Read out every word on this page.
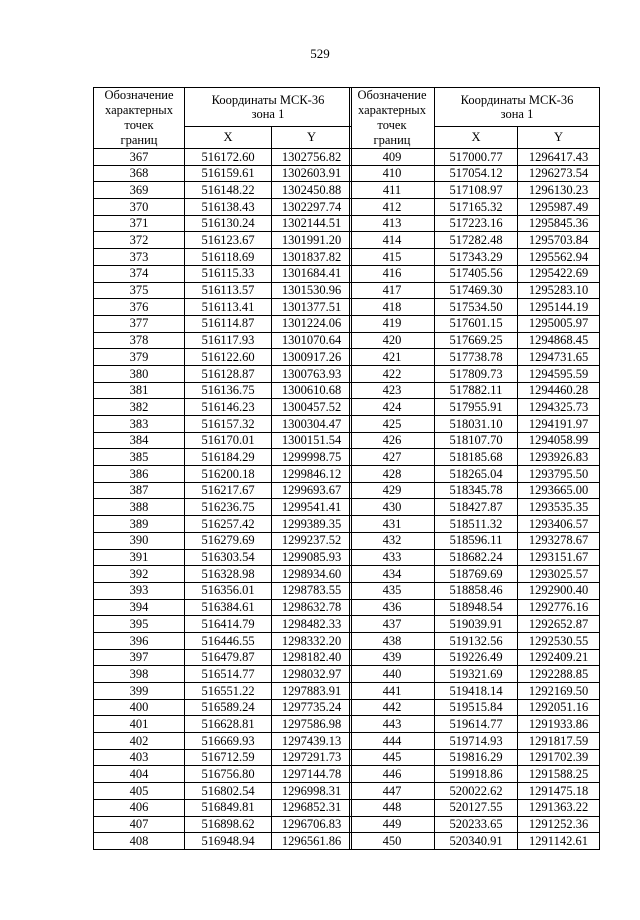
529
Обозначение
характерных
точек
границ	Координаты МСК-36
зона 1	
	X	Y
367	516172.60	1302756.82
368	516159.61	1302603.91
369	516148.22	1302450.88
370	516138.43	1302297.74
371	516130.24	1302144.51
372	516123.67	1301991.20
373	516118.69	1301837.82
374	516115.33	1301684.41
375	516113.57	1301530.96
376	516113.41	1301377.51
377	516114.87	1301224.06
378	516117.93	1301070.64
379	516122.60	1300917.26
380	516128.87	1300763.93
381	516136.75	1300610.68
382	516146.23	1300457.52
383	516157.32	1300304.47
384	516170.01	1300151.54
385	516184.29	1299998.75
386	516200.18	1299846.12
387	516217.67	1299693.67
388	516236.75	1299541.41
389	516257.42	1299389.35
390	516279.69	1299237.52
391	516303.54	1299085.93
392	516328.98	1298934.60
393	516356.01	1298783.55
394	516384.61	1298632.78
395	516414.79	1298482.33
396	516446.55	1298332.20
397	516479.87	1298182.40
398	516514.77	1298032.97
399	516551.22	1297883.91
400	516589.24	1297735.24
401	516628.81	1297586.98
402	516669.93	1297439.13
403	516712.59	1297291.73
404	516756.80	1297144.78
405	516802.54	1296998.31
406	516849.81	1296852.31
407	516898.62	1296706.83
408	516948.94	1296561.86
Обозначение
характерных
точек
границ	Координаты МСК-36
зона 1	
	X	Y
409	517000.77	1296417.43
410	517054.12	1296273.54
411	517108.97	1296130.23
412	517165.32	1295987.49
413	517223.16	1295845.36
414	517282.48	1295703.84
415	517343.29	1295562.94
416	517405.56	1295422.69
417	517469.30	1295283.10
418	517534.50	1295144.19
419	517601.15	1295005.97
420	517669.25	1294868.45
421	517738.78	1294731.65
422	517809.73	1294595.59
423	517882.11	1294460.28
424	517955.91	1294325.73
425	518031.10	1294191.97
426	518107.70	1294058.99
427	518185.68	1293926.83
428	518265.04	1293795.50
429	518345.78	1293665.00
430	518427.87	1293535.35
431	518511.32	1293406.57
432	518596.11	1293278.67
433	518682.24	1293151.67
434	518769.69	1293025.57
435	518858.46	1292900.40
436	518948.54	1292776.16
437	519039.91	1292652.87
438	519132.56	1292530.55
439	519226.49	1292409.21
440	519321.69	1292288.85
441	519418.14	1292169.50
442	519515.84	1292051.16
443	519614.77	1291933.86
444	519714.93	1291817.59
445	519816.29	1291702.39
446	519918.86	1291588.25
447	520022.62	1291475.18
448	520127.55	1291363.22
449	520233.65	1291252.36
450	520340.91	1291142.61
